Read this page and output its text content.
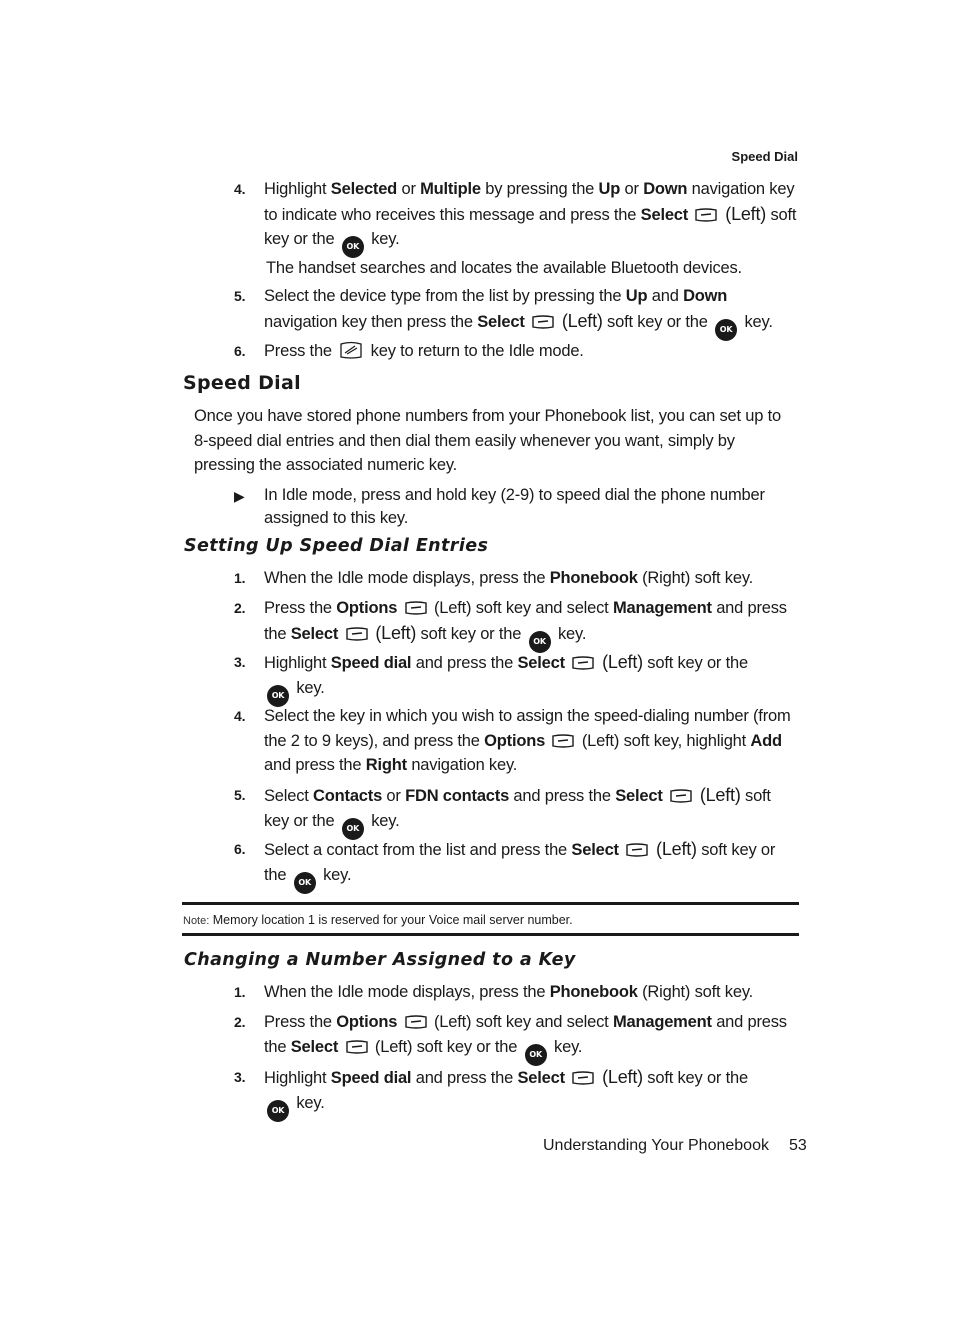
Speed Dial
4. Highlight Selected or Multiple by pressing the Up or Down navigation key to indicate who receives this message and press the Select  (Left) soft key or the OK key.
The handset searches and locates the available Bluetooth devices.
5. Select the device type from the list by pressing the Up and Down navigation key then press the Select  (Left) soft key or the OK key.
6. Press the  key to return to the Idle mode.
Speed Dial
Once you have stored phone numbers from your Phonebook list, you can set up to 8-speed dial entries and then dial them easily whenever you want, simply by pressing the associated numeric key.
▶ In Idle mode, press and hold key (2-9) to speed dial the phone number assigned to this key.
Setting Up Speed Dial Entries
1. When the Idle mode displays, press the Phonebook (Right) soft key.
2. Press the Options  (Left) soft key and select Management and press the Select  (Left) soft key or the OK key.
3. Highlight Speed dial and press the Select  (Left) soft key or the
OK key.
4. Select the key in which you wish to assign the speed-dialing number (from the 2 to 9 keys), and press the Options  (Left) soft key, highlight Add and press the Right navigation key.
5. Select Contacts or FDN contacts and press the Select  (Left) soft key or the OK key.
6. Select a contact from the list and press the Select  (Left) soft key or the OK key.
Note: Memory location 1 is reserved for your Voice mail server number.
Changing a Number Assigned to a Key
1. When the Idle mode displays, press the Phonebook (Right) soft key.
2. Press the Options  (Left) soft key and select Management and press the Select  (Left) soft key or the OK key.
3. Highlight Speed dial and press the Select  (Left) soft key or the
OK key.
Understanding Your Phonebook 53
